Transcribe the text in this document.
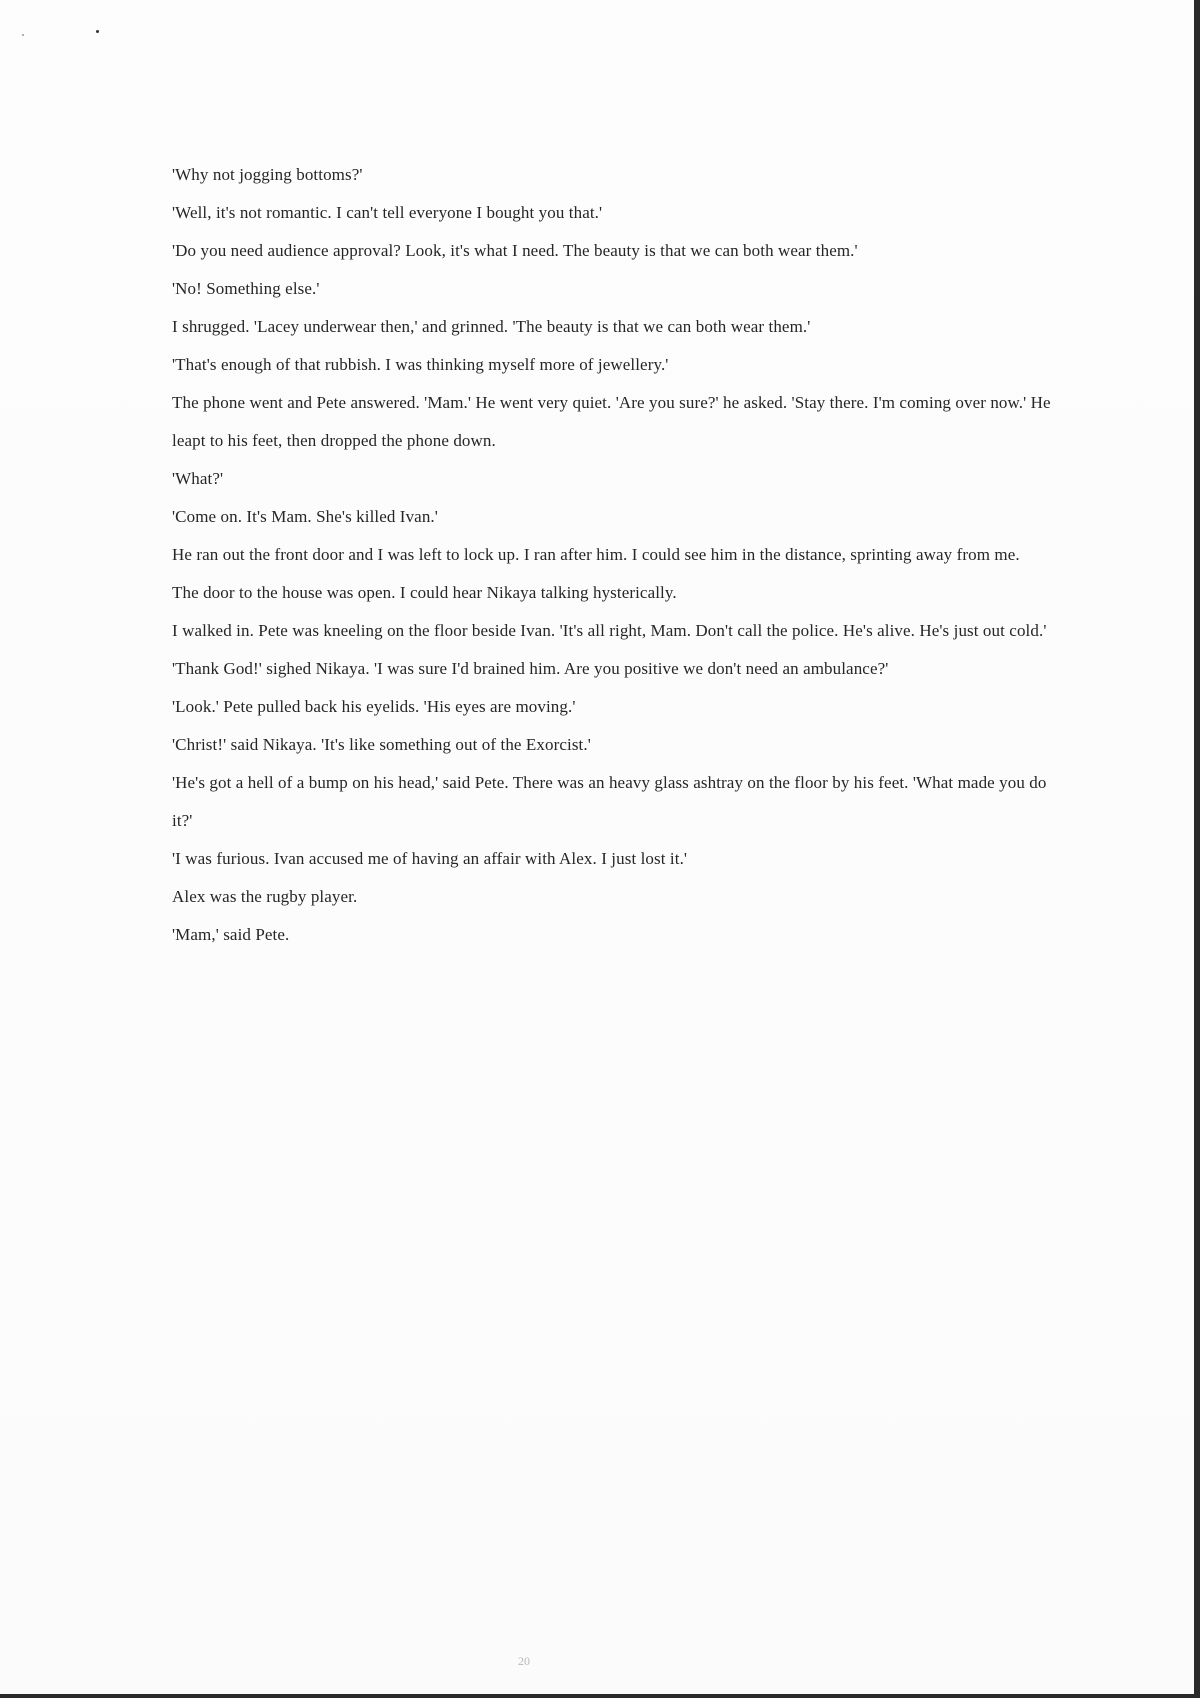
'Why not jogging bottoms?'

'Well, it's not romantic. I can't tell everyone I bought you that.'

'Do you need audience approval? Look, it's what I need. The beauty is that we can both wear them.'

'No! Something else.'

I shrugged. 'Lacey underwear then,' and grinned. 'The beauty is that we can both wear them.'

'That's enough of that rubbish. I was thinking myself more of jewellery.'

The phone went and Pete answered. 'Mam.' He went very quiet. 'Are you sure?' he asked. 'Stay there. I'm coming over now.' He leapt to his feet, then dropped the phone down.

'What?'

'Come on. It's Mam. She's killed Ivan.'

He ran out the front door and I was left to lock up. I ran after him. I could see him in the distance, sprinting away from me.

The door to the house was open. I could hear Nikaya talking hysterically.

I walked in. Pete was kneeling on the floor beside Ivan. 'It's all right, Mam. Don't call the police. He's alive. He's just out cold.'

'Thank God!' sighed Nikaya. 'I was sure I'd brained him. Are you positive we don't need an ambulance?'

'Look.' Pete pulled back his eyelids. 'His eyes are moving.'

'Christ!' said Nikaya. 'It's like something out of the Exorcist.'

'He's got a hell of a bump on his head,' said Pete. There was an heavy glass ashtray on the floor by his feet. 'What made you do it?'

'I was furious. Ivan accused me of having an affair with Alex. I just lost it.'

Alex was the rugby player.

'Mam,' said Pete.

20
